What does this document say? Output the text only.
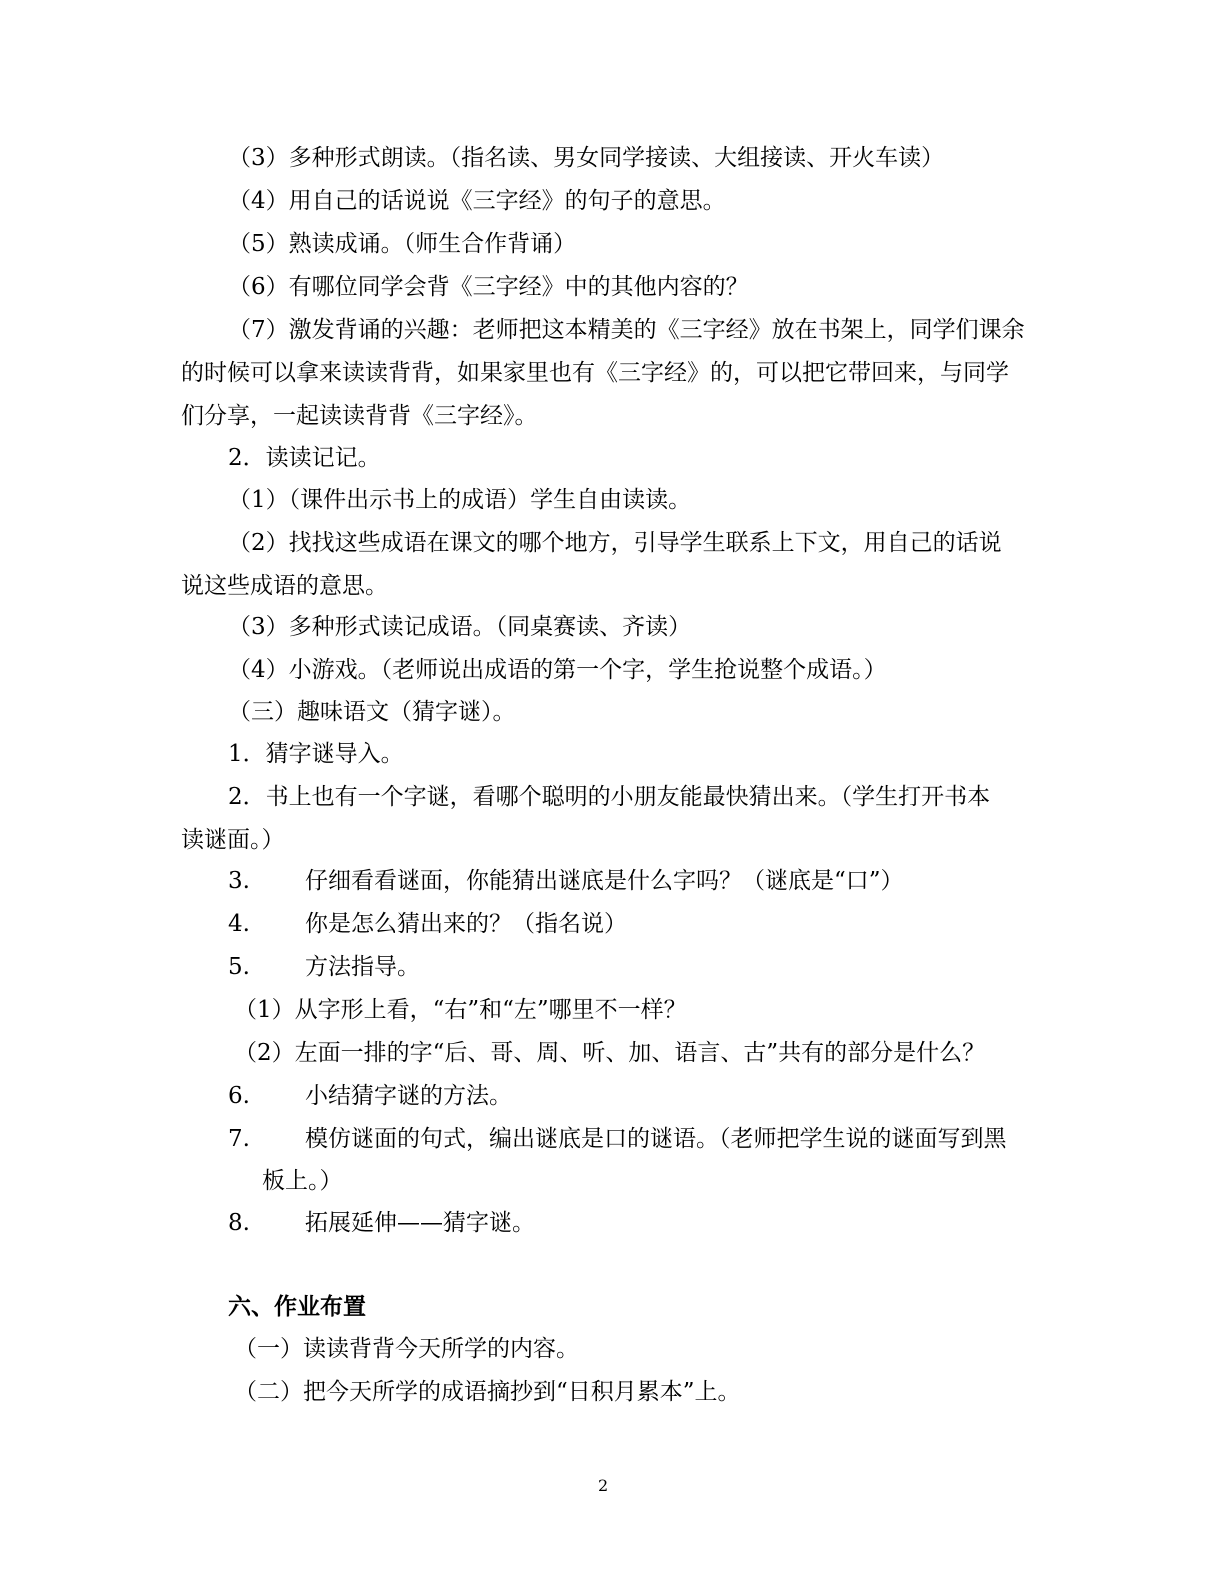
（3）多种形式朗读。（指名读、男女同学接读、大组接读、开火车读）
（4）用自己的话说说《三字经》的句子的意思。
（5）熟读成诵。（师生合作背诵）
（6）有哪位同学会背《三字经》中的其他内容的？
（7）激发背诵的兴趣：老师把这本精美的《三字经》放在书架上，同学们课余
的时候可以拿来读读背背，如果家里也有《三字经》的，可以把它带回来，与同学
们分享，一起读读背背《三字经》。
2．读读记记。
（1）（课件出示书上的成语）学生自由读读。
（2）找找这些成语在课文的哪个地方，引导学生联系上下文，用自己的话说
说这些成语的意思。
（3）多种形式读记成语。（同桌赛读、齐读）
（4）小游戏。（老师说出成语的第一个字，学生抢说整个成语。）
（三）趣味语文（猜字谜）。
1．猜字谜导入。
2．书上也有一个字谜，看哪个聪明的小朋友能最快猜出来。（学生打开书本
读谜面。）
3. 仔细看看谜面，你能猜出谜底是什么字吗？（谜底是“口”）
4. 你是怎么猜出来的？（指名说）
5. 方法指导。
（1）从字形上看，“右”和“左”哪里不一样？
（2）左面一排的字“后、哥、周、听、加、语言、古”共有的部分是什么？
6. 小结猜字谜的方法。
7. 模仿谜面的句式，编出谜底是口的谜语。（老师把学生说的谜面写到黑
板上。）
8. 拓展延伸——猜字谜。
六、作业布置
（一）读读背背今天所学的内容。
（二）把今天所学的成语摘抄到“日积月累本”上。
2
